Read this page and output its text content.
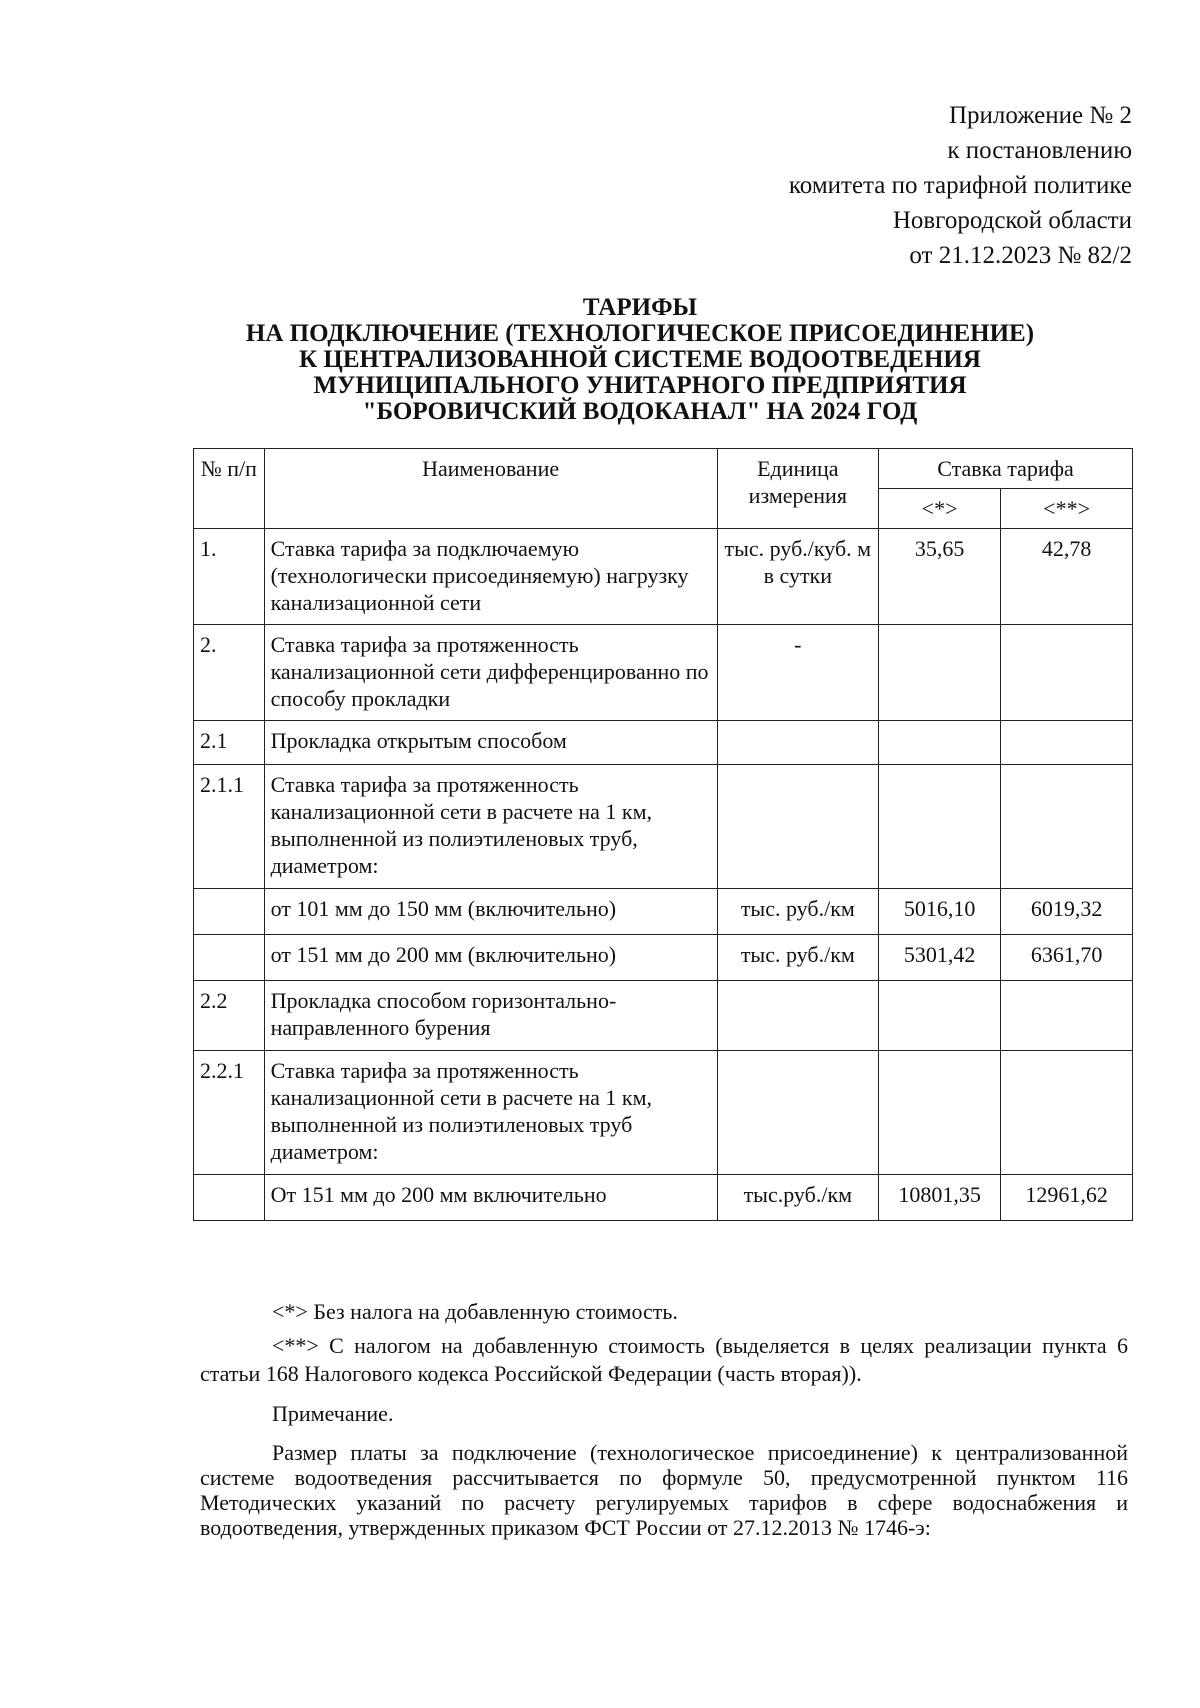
Приложение № 2
к постановлению
комитета по тарифной политике
Новгородской области
от 21.12.2023 № 82/2
ТАРИФЫ
НА ПОДКЛЮЧЕНИЕ (ТЕХНОЛОГИЧЕСКОЕ ПРИСОЕДИНЕНИЕ)
К ЦЕНТРАЛИЗОВАННОЙ СИСТЕМЕ ВОДООТВЕДЕНИЯ
МУНИЦИПАЛЬНОГО УНИТАРНОГО ПРЕДПРИЯТИЯ
"БОРОВИЧСКИЙ ВОДОКАНАЛ" НА 2024 ГОД
№ п/п	Наименование	Единица измерения	Ставка тарифа	
			<*>	<**>
1.	Ставка тарифа за подключаемую (технологически присоединяемую) нагрузку канализационной сети	тыс. руб./куб. м в сутки	35,65	42,78
2.	Ставка тарифа за протяженность канализационной сети дифференцированно по способу прокладки	-		
2.1	Прокладка открытым способом			
2.1.1	Ставка тарифа за протяженность канализационной сети в расчете на 1 км, выполненной из полиэтиленовых труб, диаметром:			
	от 101 мм до 150 мм (включительно)	тыс. руб./км	5016,10	6019,32
	от 151 мм до 200 мм (включительно)	тыс. руб./км	5301,42	6361,70
2.2	Прокладка способом горизонтально-направленного бурения			
2.2.1	Ставка тарифа за протяженность канализационной сети в расчете на 1 км, выполненной из полиэтиленовых труб диаметром:			
	От 151 мм до 200 мм включительно	тыс.руб./км	10801,35	12961,62

<*> Без налога на добавленную стоимость.

<**> С налогом на добавленную стоимость (выделяется в целях реализации пункта 6 статьи 168 Налогового кодекса Российской Федерации (часть вторая)).

Примечание.

Размер платы за подключение (технологическое присоединение) к централизованной системе водоотведения рассчитывается по формуле 50, предусмотренной пунктом 116 Методических указаний по расчету регулируемых тарифов в сфере водоснабжения и водоотведения, утвержденных приказом ФСТ России от 27.12.2013 № 1746-э:
